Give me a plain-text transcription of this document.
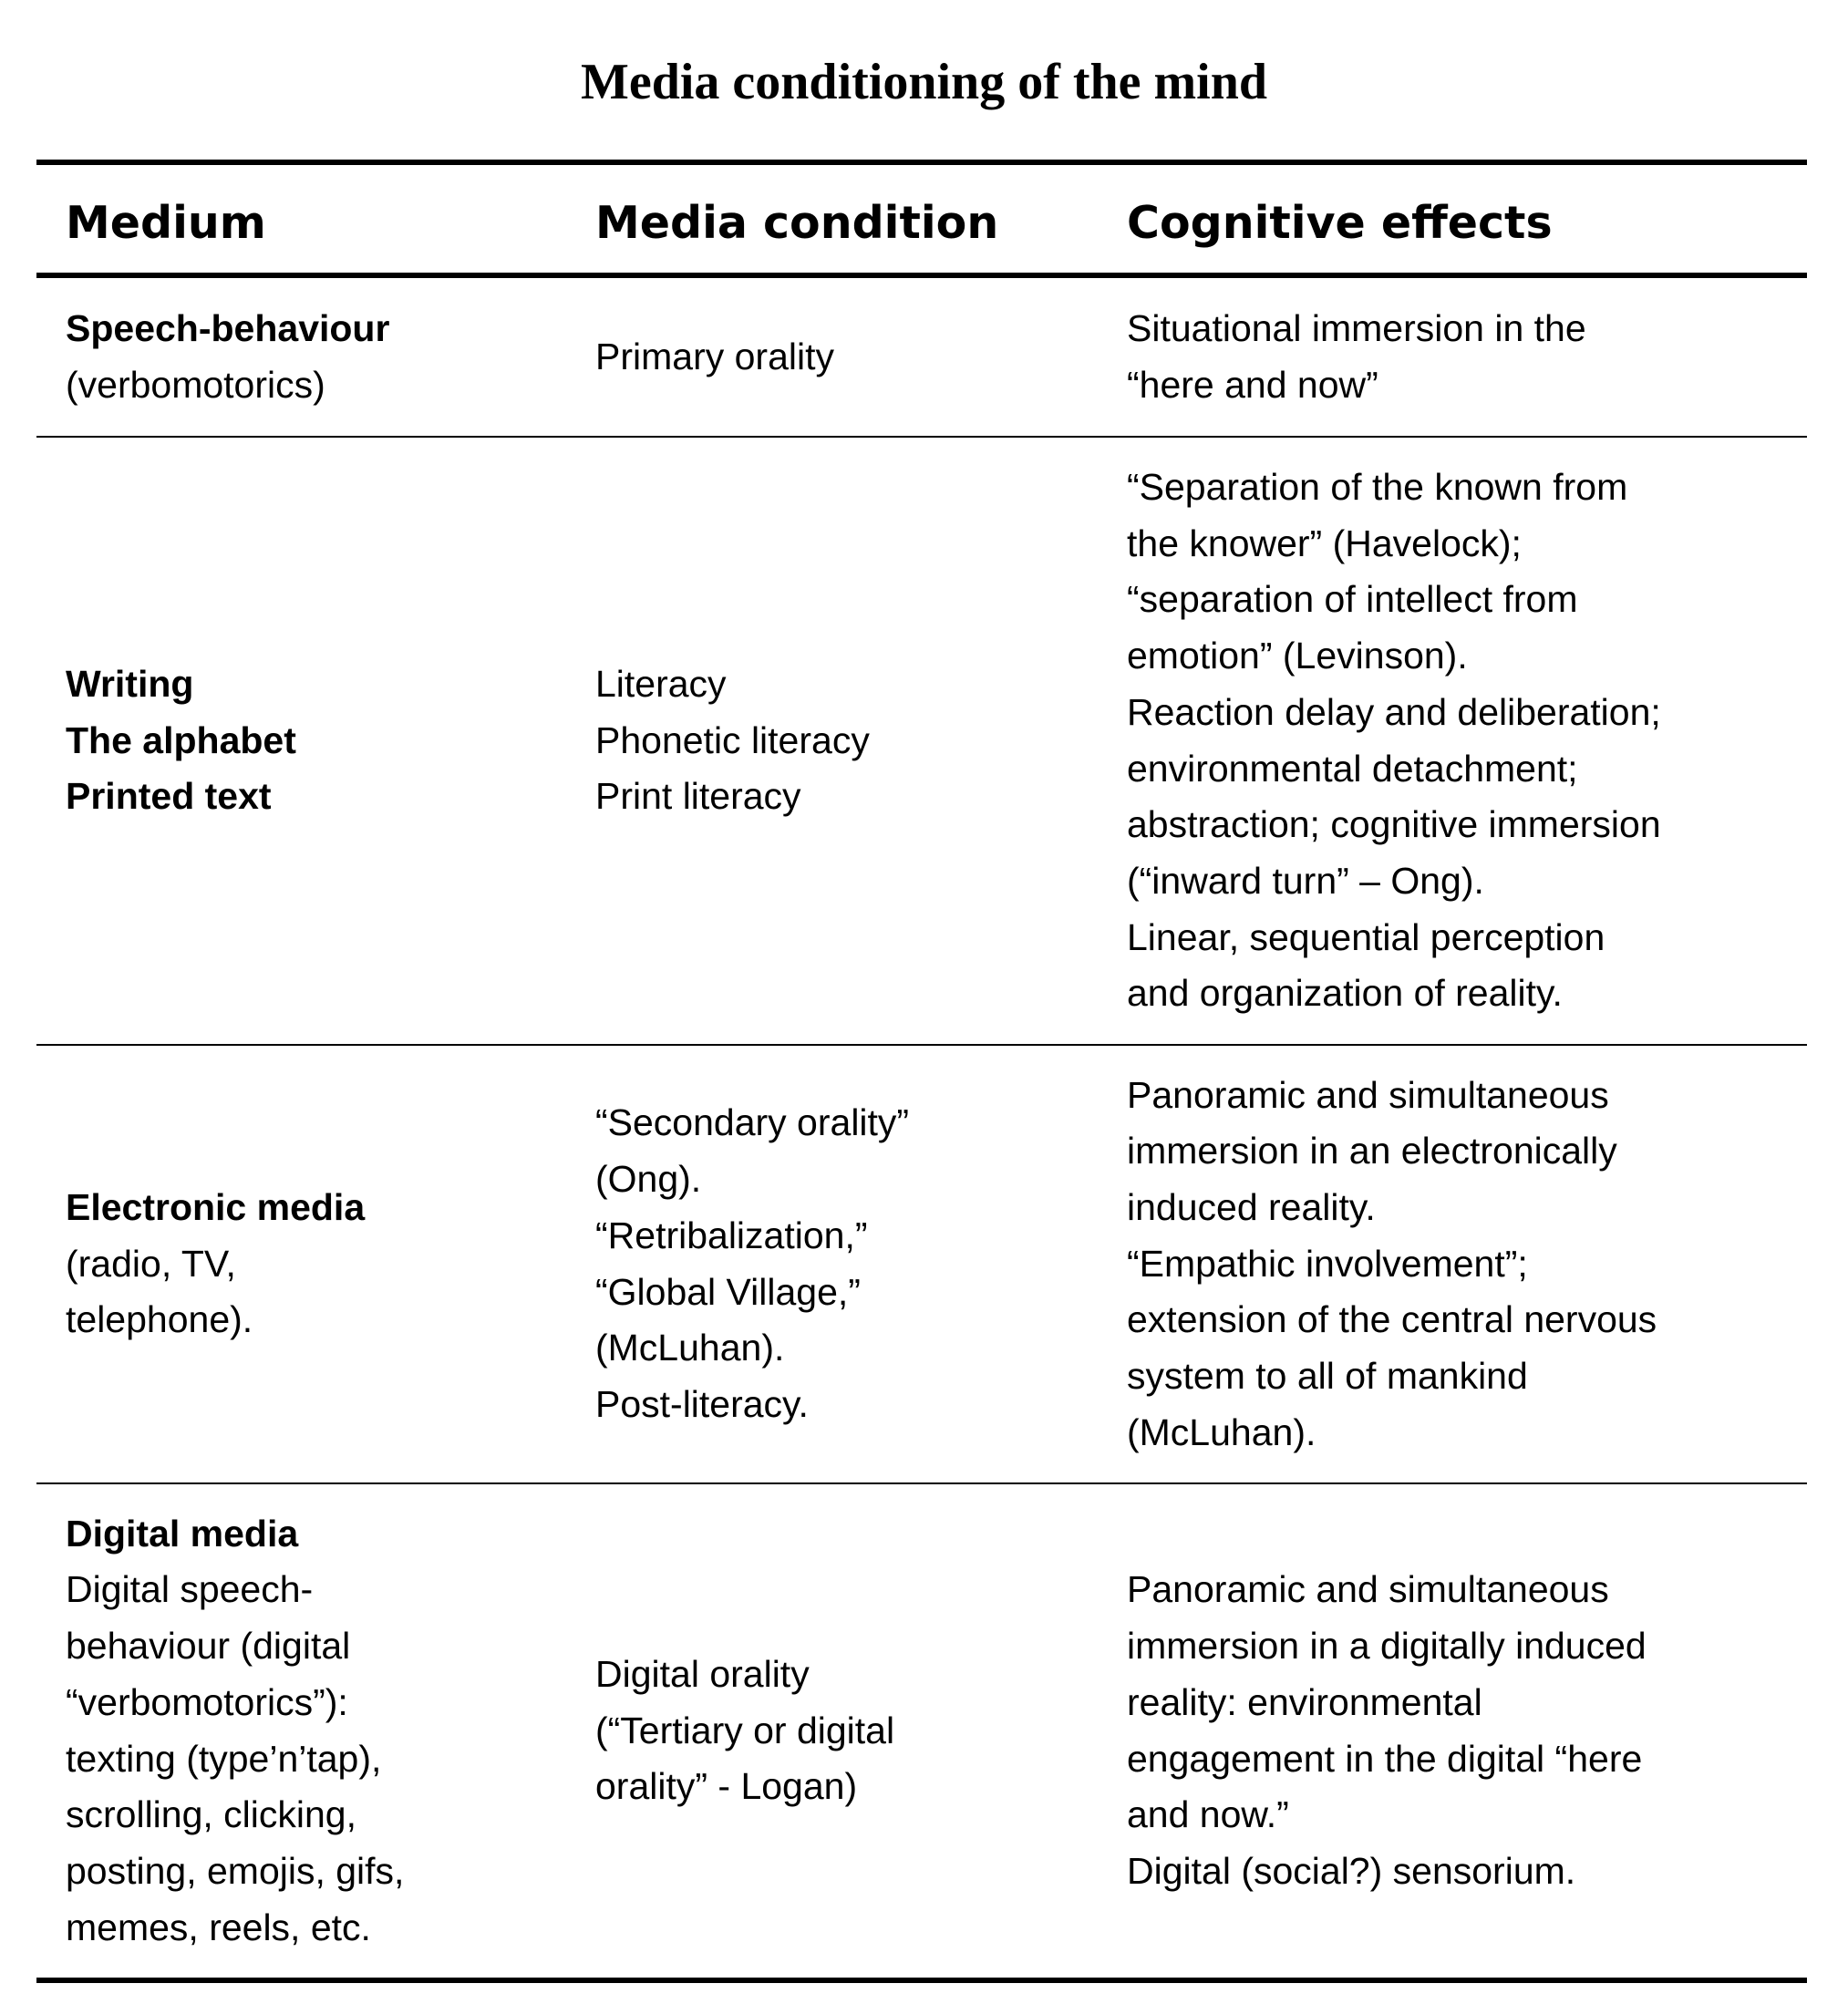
Media conditioning of the mind
Medium	Media condition	Cognitive effects
Speech-behaviour
(verbomotorics)
Primary orality
Situational immersion in the
“here and now”
Writing
The alphabet
Printed text
Literacy
Phonetic literacy
Print literacy
“Separation of the known from
the knower” (Havelock);
“separation of intellect from
emotion” (Levinson).
Reaction delay and deliberation;
environmental detachment;
abstraction; cognitive immersion
(“inward turn” – Ong).
Linear, sequential perception
and organization of reality.
Electronic media
(radio, TV,
telephone).
“Secondary orality”
(Ong).
“Retribalization,”
“Global Village,”
(McLuhan).
Post-literacy.
Panoramic and simultaneous
immersion in an electronically
induced reality.
“Empathic involvement”;
extension of the central nervous
system to all of mankind
(McLuhan).
Digital media
Digital speech-
behaviour (digital
“verbomotorics”):
texting (type’n’tap),
scrolling, clicking,
posting, emojis, gifs,
memes, reels, etc.
Digital orality
(“Tertiary or digital
orality” - Logan)
Panoramic and simultaneous
immersion in a digitally induced
reality: environmental
engagement in the digital “here
and now.”
Digital (social?) sensorium.
